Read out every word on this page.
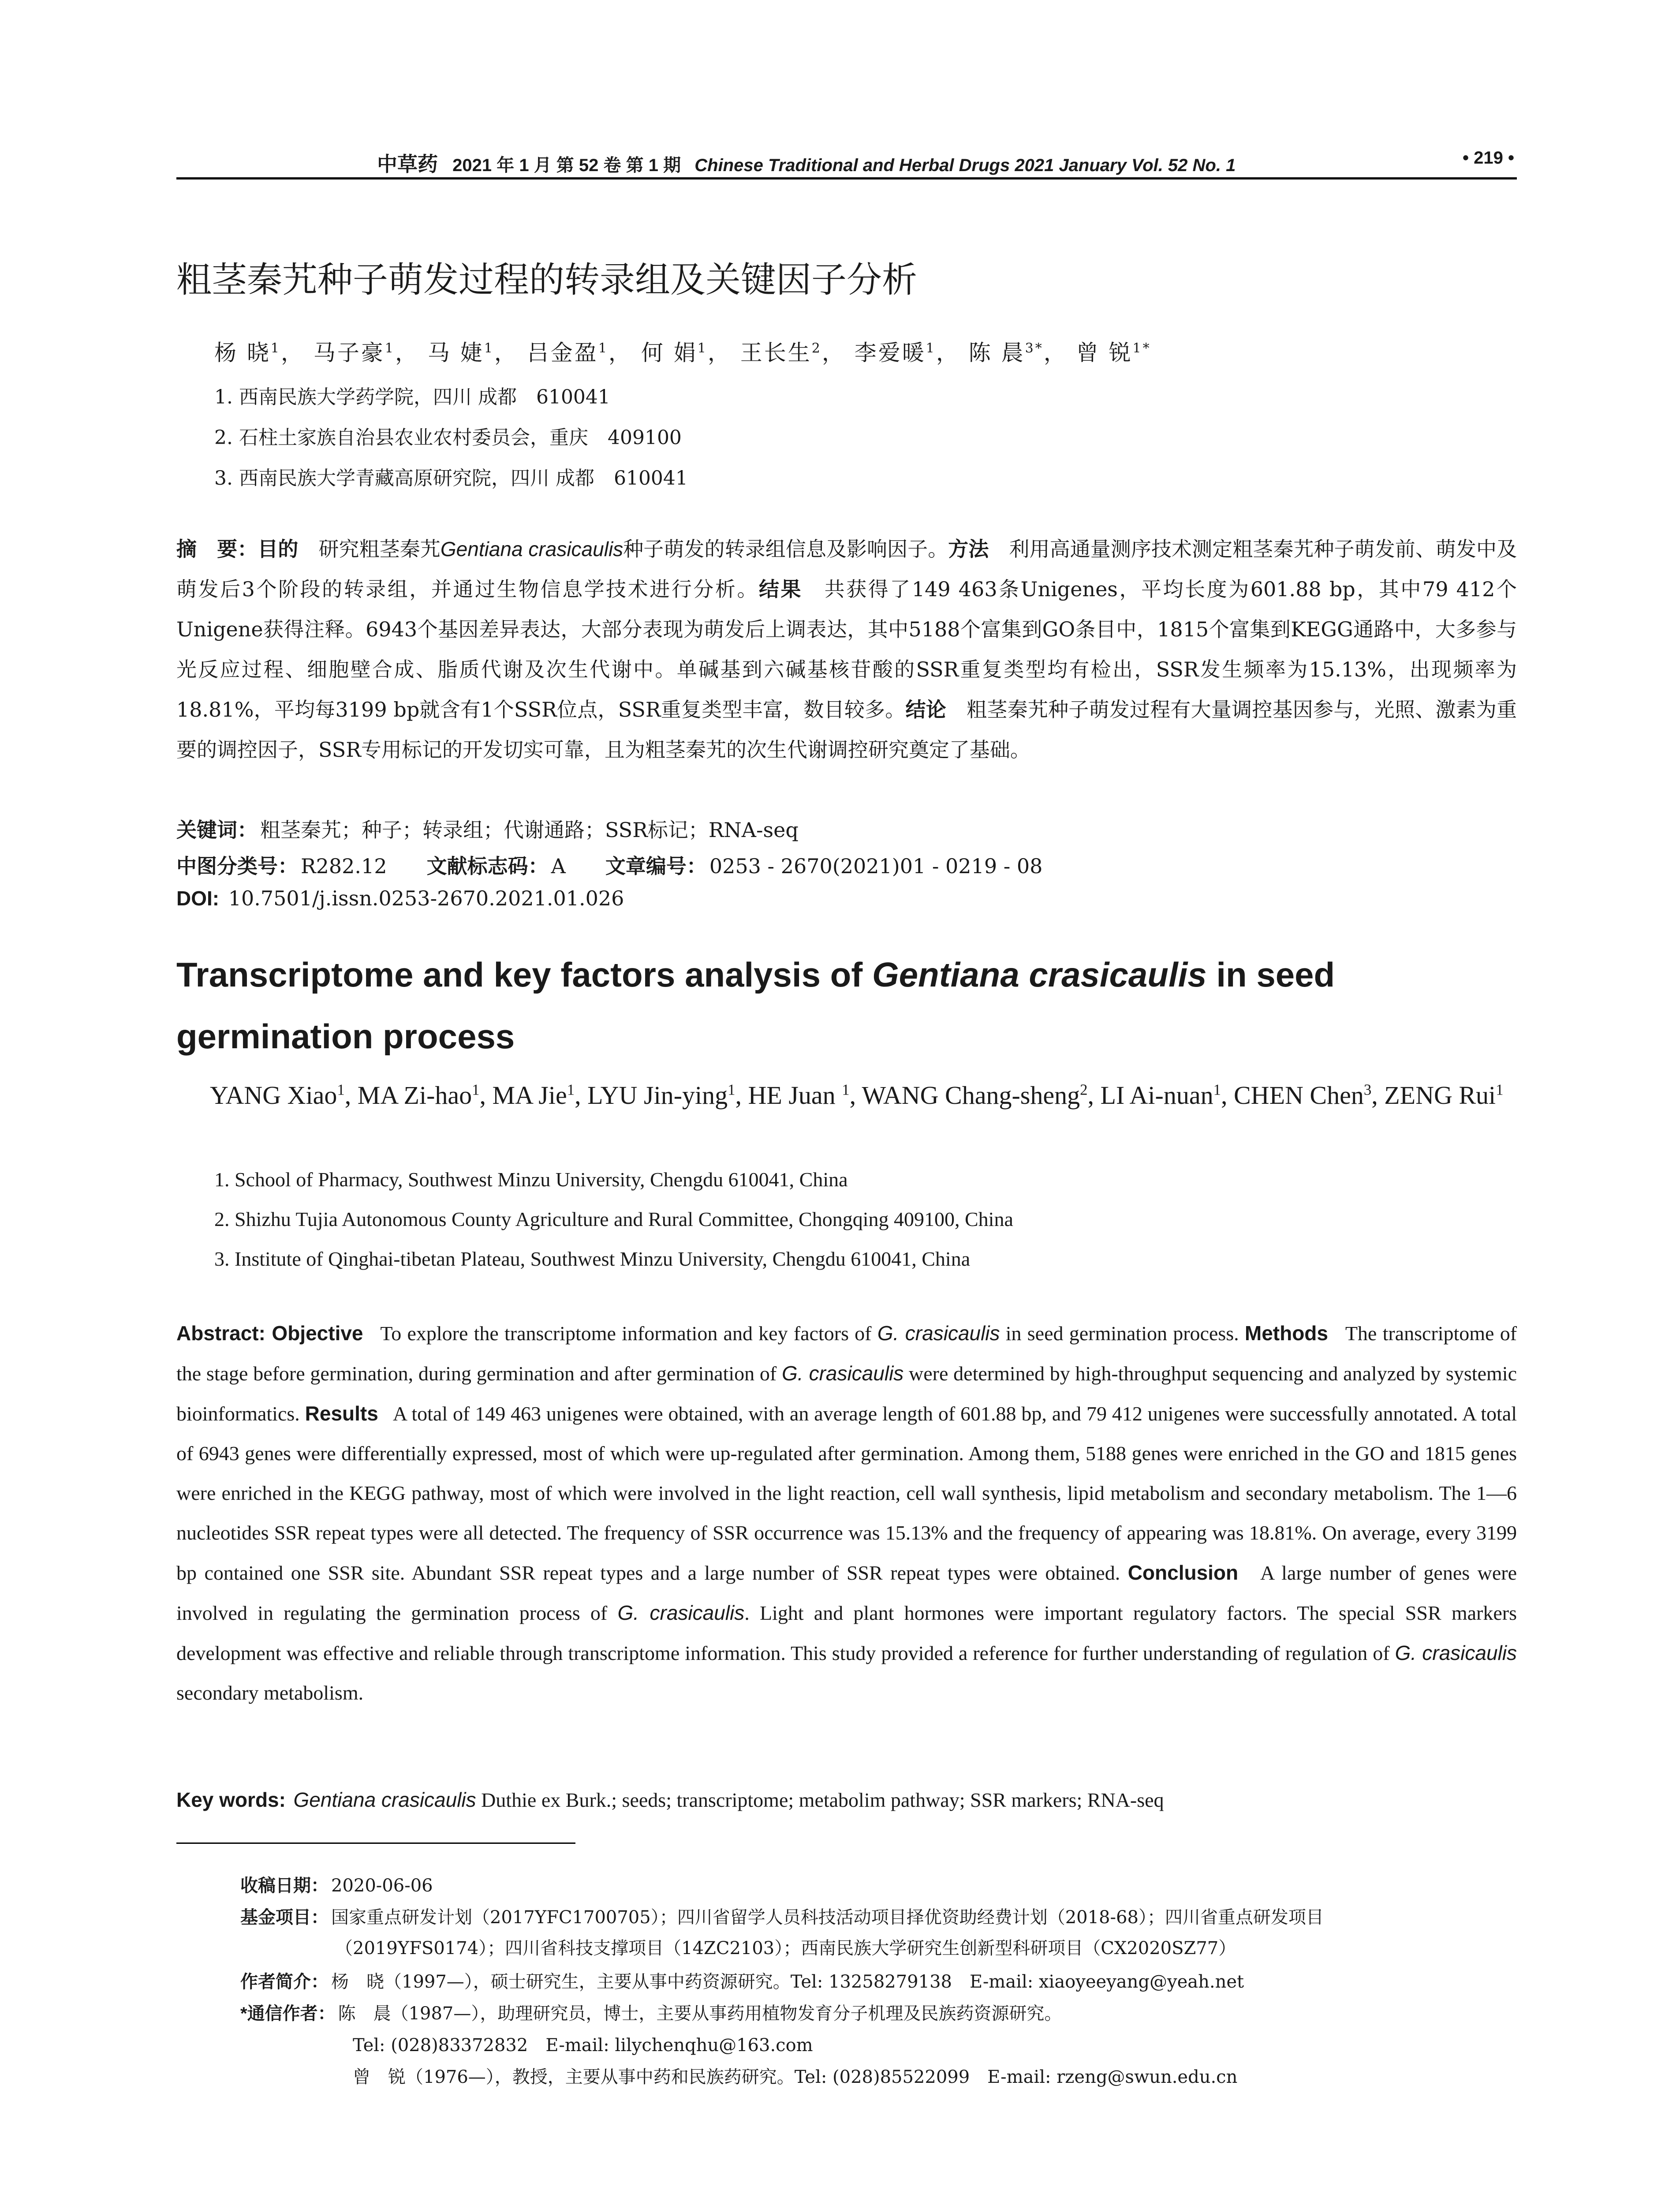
中草药 2021 年 1 月 第 52 卷 第 1 期 Chinese Traditional and Herbal Drugs 2021 January Vol. 52 No. 1	• 219 •
粗茎秦艽种子萌发过程的转录组及关键因子分析
杨 晓$^1$， 马子豪$^1$， 马 婕$^1$， 吕金盈$^1$， 何 娟$^1$， 王长生$^2$， 李爱暖$^1$， 陈 晨$^{3*}$， 曾 锐$^{1*}$
1. 西南民族大学药学院，四川 成都　610041
2. 石柱土家族自治县农业农村委员会，重庆　409100
3. 西南民族大学青藏高原研究院，四川 成都　610041
摘　要：目的　 研究粗茎秦艽Gentiana crasicaulis种子萌发的转录组信息及影响因子。方法　 利用高通量测序技术测定粗茎秦艽种子萌发前、萌发中及萌发后3个阶段的转录组，并通过生物信息学技术进行分析。结果　 共获得了149 463条Unigenes，平均长度为601.88 bp，其中79 412个Unigene获得注释。6943个基因差异表达，大部分表现为萌发后上调表达，其中5188个富集到GO条目中，1815个富集到KEGG通路中，大多参与光反应过程、细胞壁合成、脂质代谢及次生代谢中。单碱基到六碱基核苷酸的SSR重复类型均有检出，SSR发生频率为15.13%，出现频率为18.81%，平均每3199 bp就含有1个SSR位点，SSR重复类型丰富，数目较多。结论　 粗茎秦艽种子萌发过程有大量调控基因参与，光照、激素为重要的调控因子，SSR专用标记的开发切实可靠，且为粗茎秦艽的次生代谢调控研究奠定了基础。
关键词： 粗茎秦艽；种子；转录组；代谢通路；SSR标记；RNA-seq
中图分类号： R282.12 文献标志码： A 文章编号： 0253 - 2670(2021)01 - 0219 - 08
DOI: 10.7501/j.issn.0253-2670.2021.01.026
Transcriptome and key factors analysis of Gentiana crasicaulis in seed germination process
YANG Xiao$^1$, MA Zi-hao$^1$, MA Jie$^1$, LYU Jin-ying$^1$, HE Juan $^1$, WANG Chang-sheng$^2$, LI Ai-nuan$^1$, CHEN Chen$^3$, ZENG Rui$^1$
1. School of Pharmacy, Southwest Minzu University, Chengdu 610041, China
2. Shizhu Tujia Autonomous County Agriculture and Rural Committee, Chongqing 409100, China
3. Institute of Qinghai-tibetan Plateau, Southwest Minzu University, Chengdu 610041, China
Abstract: Objective To explore the transcriptome information and key factors of G. crasicaulis in seed germination process. Methods The transcriptome of the stage before germination, during germination and after germination of G. crasicaulis were determined by high-throughput sequencing and analyzed by systemic bioinformatics. Results A total of 149 463 unigenes were obtained, with an average length of 601.88 bp, and 79 412 unigenes were successfully annotated. A total of 6943 genes were differentially expressed, most of which were up-regulated after germination. Among them, 5188 genes were enriched in the GO and 1815 genes were enriched in the KEGG pathway, most of which were involved in the light reaction, cell wall synthesis, lipid metabolism and secondary metabolism. The 1—6 nucleotides SSR repeat types were all detected. The frequency of SSR occurrence was 15.13% and the frequency of appearing was 18.81%. On average, every 3199 bp contained one SSR site. Abundant SSR repeat types and a large number of SSR repeat types were obtained. Conclusion A large number of genes were involved in regulating the germination process of G. crasicaulis. Light and plant hormones were important regulatory factors. The special SSR markers development was effective and reliable through transcriptome information. This study provided a reference for further understanding of regulation of G. crasicaulis secondary metabolism.
Key words: Gentiana crasicaulis Duthie ex Burk.; seeds; transcriptome; metabolim pathway; SSR markers; RNA-seq
收稿日期： 2020-06-06
基金项目： 国家重点研发计划（2017YFC1700705）；四川省留学人员科技活动项目择优资助经费计划（2018-68）；四川省重点研发项目
（2019YFS0174）；四川省科技支撑项目（14ZC2103）；西南民族大学研究生创新型科研项目（CX2020SZ77）
作者简介： 杨　晓（1997—），硕士研究生，主要从事中药资源研究。Tel: 13258279138　E-mail: xiaoyeeyang@yeah.net
*通信作者： 陈　晨（1987—），助理研究员，博士，主要从事药用植物发育分子机理及民族药资源研究。
Tel: (028)83372832　E-mail: lilychenqhu@163.com
曾　锐（1976—），教授，主要从事中药和民族药研究。Tel: (028)85522099　E-mail: rzeng@swun.edu.cn
